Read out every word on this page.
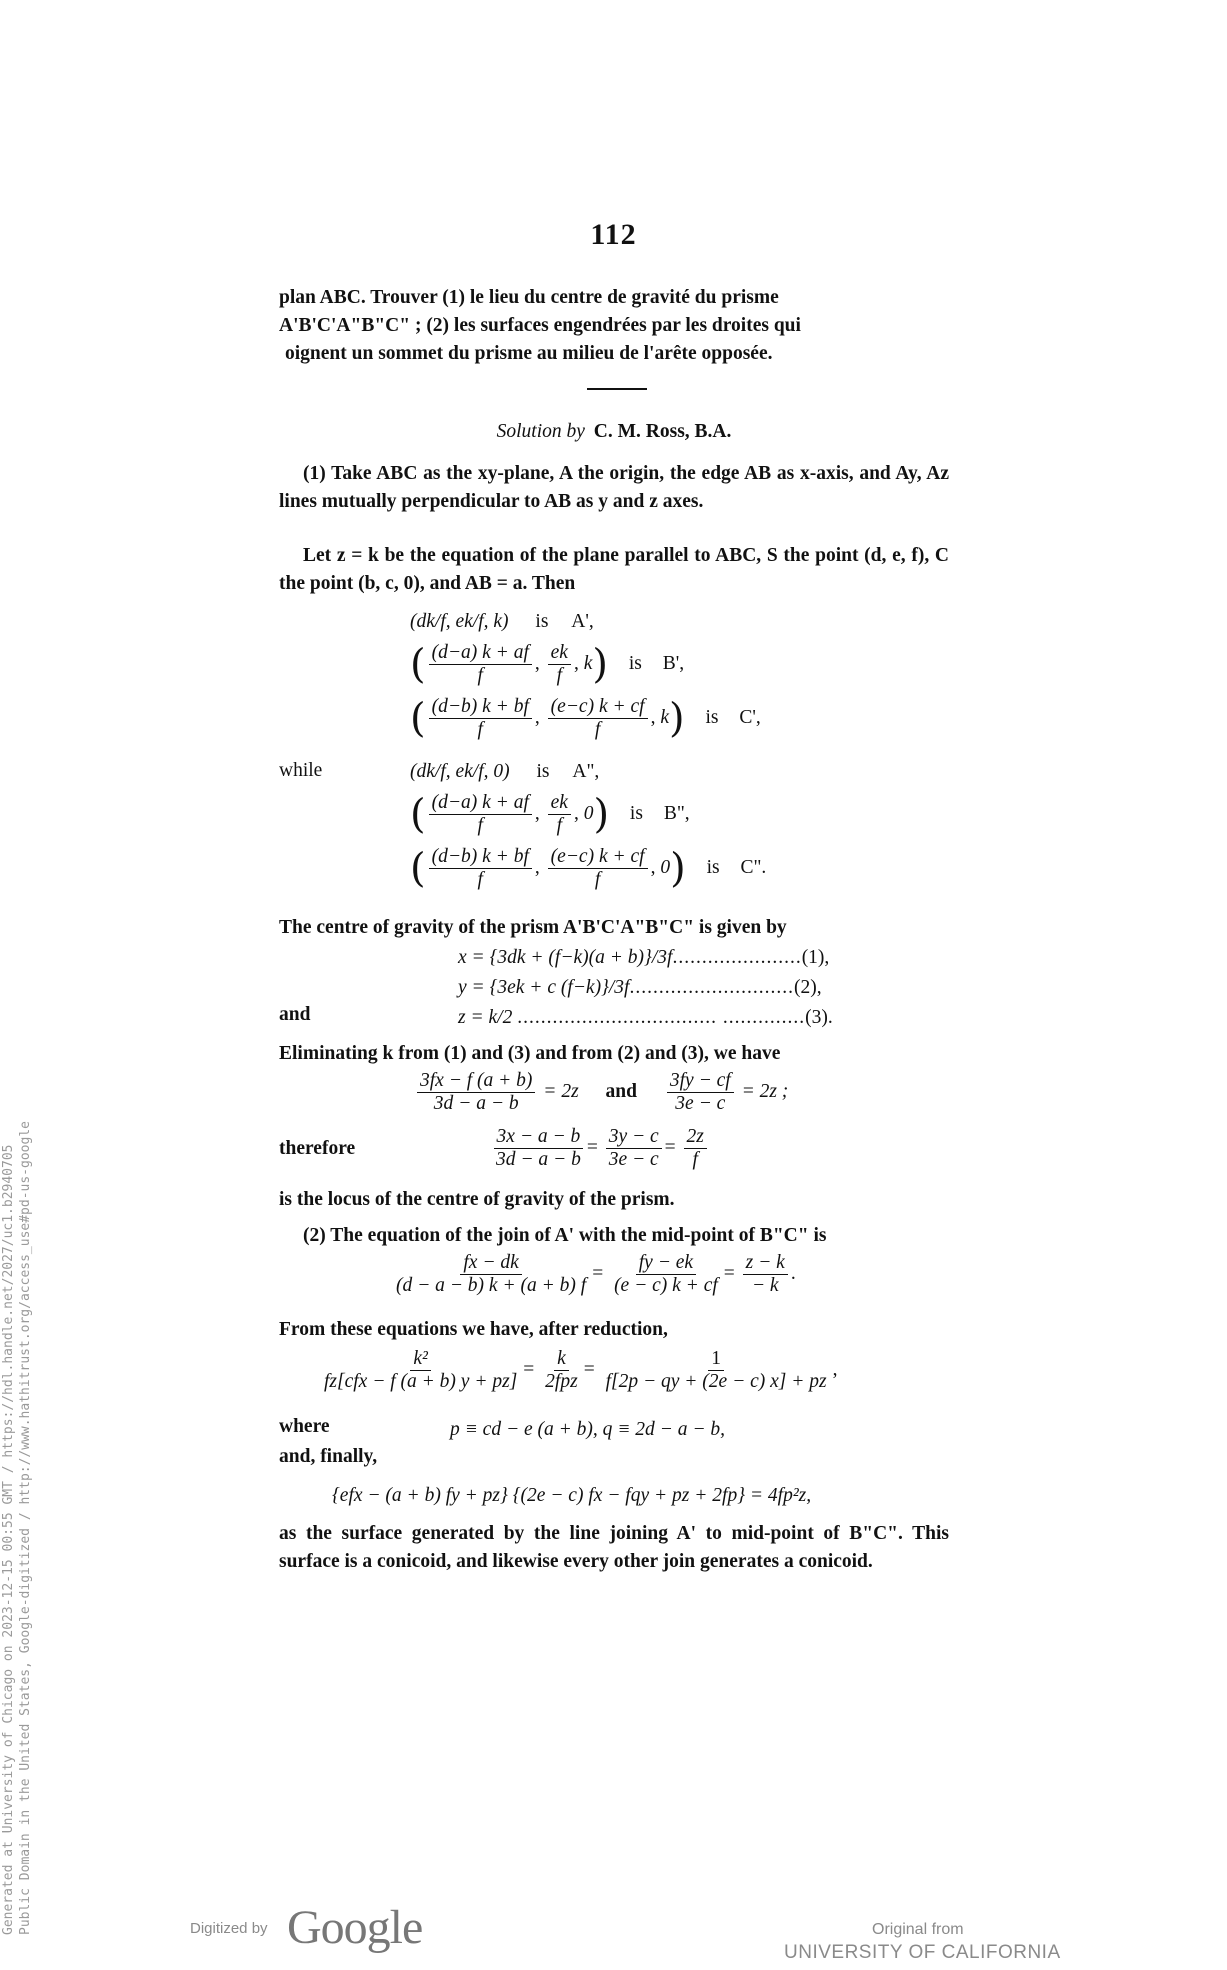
112
plan ABC. Trouver (1) le lieu du centre de gravité du prisme
A'B'C'A"B"C" ; (2) les surfaces engendrées par les droites qui
oignent un sommet du prisme au milieu de l'arête opposée.
Solution by C. M. Ross, B.A.
(1) Take ABC as the xy-plane, A the origin, the edge AB as x-axis, and Ay, Az lines mutually perpendicular to AB as y and z axes.
Let z = k be the equation of the plane parallel to ABC, S the point (d, e, f), C the point (b, c, 0), and AB = a. Then
(dk/f, ek/f, k) is A',
( $\frac{(d-a) k + af}{f}$ , $\frac{ek}{f}$ , k) is B',
( $\frac{(d-b) k + bf}{f}$ , $\frac{(e-c) k + cf}{f}$ , k) is C',
while	(dk/f, ek/f, 0) is A",
( $\frac{(d-a) k + af}{f}$ , $\frac{ek}{f}$ , 0) is B",
( $\frac{(d-b) k + bf}{f}$ , $\frac{(e-c) k + cf}{f}$ , 0) is C".
The centre of gravity of the prism A'B'C'A"B"C" is given by
x = {3dk + (f−k)(a + b)}/3f......................(1),
y = {3ek + c (f−k)}/3f............................(2),
and	z = k/2 .................................. ..............(3).
Eliminating k from (1) and (3) and from (2) and (3), we have
$\frac{3fx - f (a + b)}{3d - a - b} = 2z$ and $\frac{3fy - cf}{3e - c} = 2z$ ;
therefore	$\frac{3x - a - b}{3d - a - b} = \frac{3y - c}{3e - c} = \frac{2z}{f}$
is the locus of the centre of gravity of the prism.
(2) The equation of the join of A' with the mid-point of B"C" is
$\frac{fx - dk}{(d - a - b) k + (a + b) f} = \frac{fy - ek}{(e - c) k + cf} = \frac{z - k}{- k}$ .
From these equations we have, after reduction,
$\frac{\text{k²}}{\text{fz[cfx − f (a + b) y + pz]}} = \frac{k}{\text{2fpz}} = \frac{1}{f[2p - qy + (2e - c) x] + pz}$ ,
where	p ≡ cd − e (a + b), q ≡ 2d − a − b,
and, finally,
{efx − (a + b) fy + pz} {(2e − c) fx − fqy + pz + 2fp} = 4fp²z,
as the surface generated by the line joining A' to mid-point of B"C". This surface is a conicoid, and likewise every other join generates a conicoid.
Generated at University of Chicago on 2023-12-15 00:55 GMT / https://hdl.handle.net/2027/uc1.b2940705 Public Domain in the United States, Google-digitized / http://www.hathitrust.org/access_use#pd-us-google	Digitized by Google	Original from
UNIVERSITY OF CALIFORNIA
